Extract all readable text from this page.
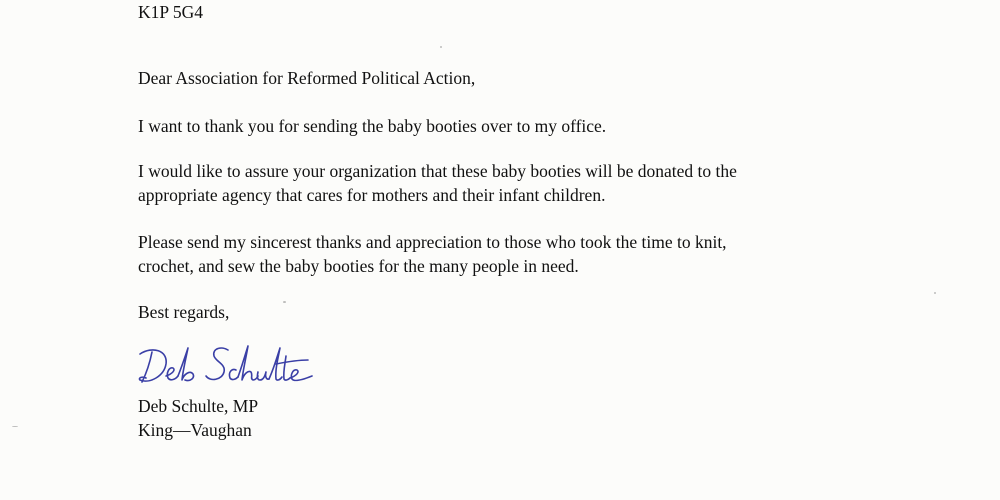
K1P 5G4
Dear Association for Reformed Political Action,
I want to thank you for sending the baby booties over to my office.
I would like to assure your organization that these baby booties will be donated to the
appropriate agency that cares for mothers and their infant children.
Please send my sincerest thanks and appreciation to those who took the time to knit,
crochet, and sew the baby booties for the many people in need.
Best regards,
Deb Schulte, MP
King—Vaughan
